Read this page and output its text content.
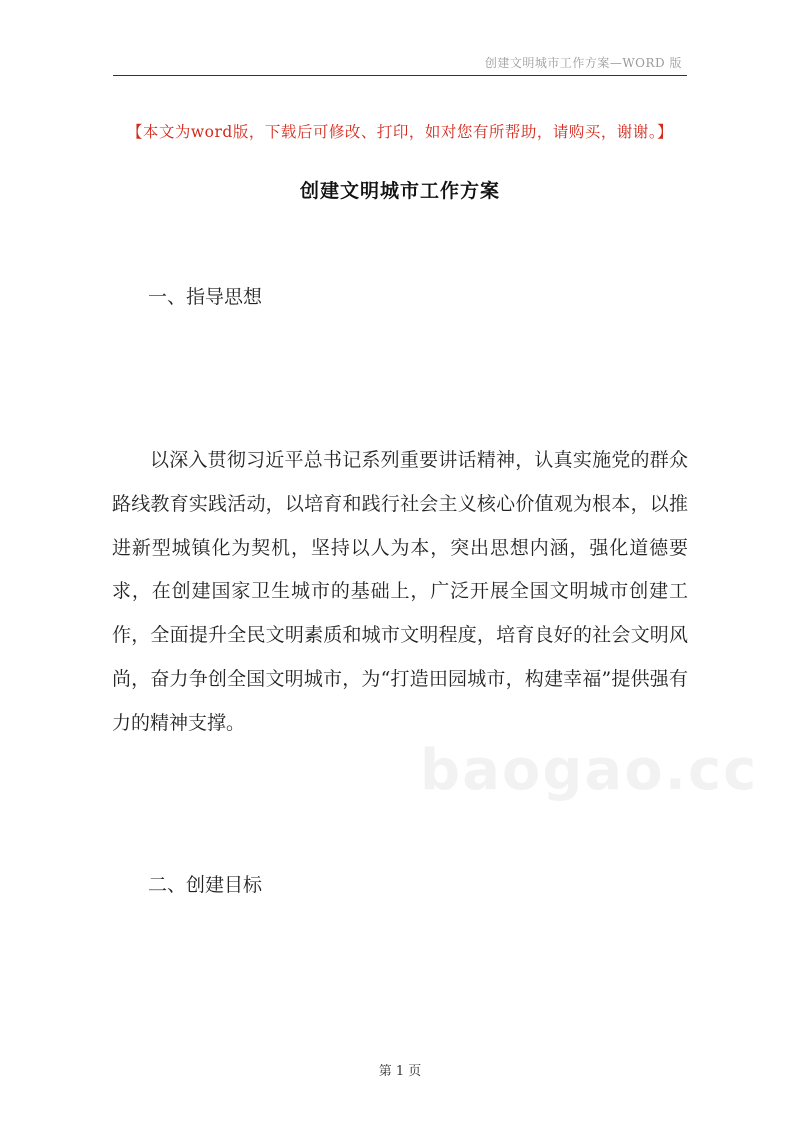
创建文明城市工作方案—WORD 版
【本文为word版，下载后可修改、打印，如对您有所帮助，请购买，谢谢。】
创建文明城市工作方案
一、指导思想
以深入贯彻习近平总书记系列重要讲话精神，认真实施党的群众路线教育实践活动，以培育和践行社会主义核心价值观为根本，以推进新型城镇化为契机，坚持以人为本，突出思想内涵，强化道德要求，在创建国家卫生城市的基础上，广泛开展全国文明城市创建工作，全面提升全民文明素质和城市文明程度，培育良好的社会文明风尚，奋力争创全国文明城市，为“打造田园城市，构建幸福”提供强有力的精神支撑。
baogao.cc
二、创建目标
第 1 页
